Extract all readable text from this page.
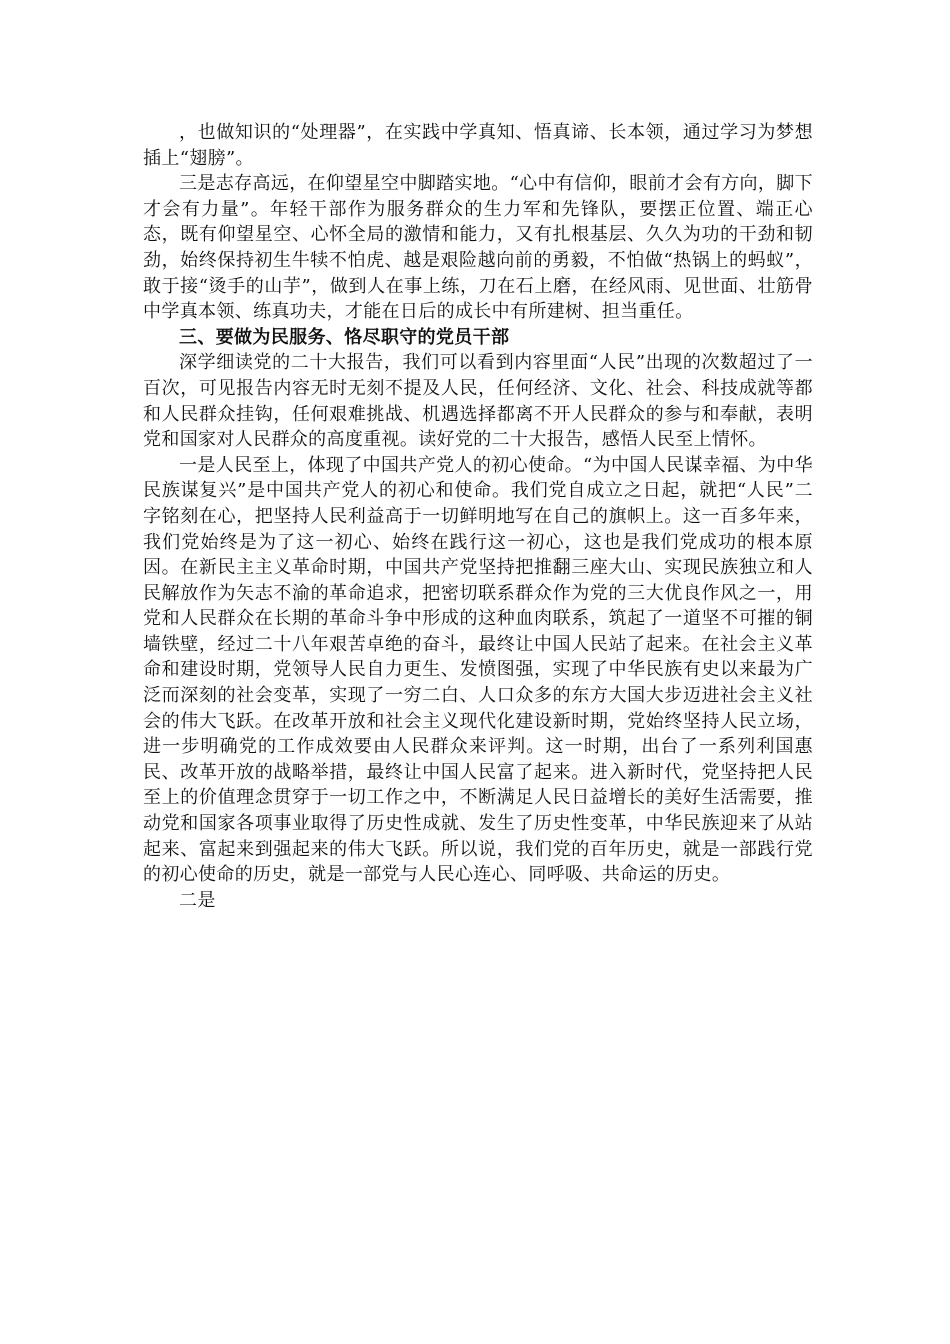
，也做知识的“处理器”，在实践中学真知、悟真谛、长本领，通过学习为梦想插上“翅膀”。

三是志存高远，在仰望星空中脚踏实地。“心中有信仰，眼前才会有方向，脚下才会有力量”。年轻干部作为服务群众的生力军和先锋队，要摆正位置、端正心态，既有仰望星空、心怀全局的激情和能力，又有扎根基层、久久为功的干劲和韧劲，始终保持初生牛犊不怕虎、越是艰险越向前的勇毅，不怕做“热锅上的蚂蚁”，敢于接“烫手的山芋”，做到人在事上练，刀在石上磨，在经风雨、见世面、壮筋骨中学真本领、练真功夫，才能在日后的成长中有所建树、担当重任。

三、要做为民服务、恪尽职守的党员干部

深学细读党的二十大报告，我们可以看到内容里面“人民”出现的次数超过了一百次，可见报告内容无时无刻不提及人民，任何经济、文化、社会、科技成就等都和人民群众挂钩，任何艰难挑战、机遇选择都离不开人民群众的参与和奉献，表明党和国家对人民群众的高度重视。读好党的二十大报告，感悟人民至上情怀。

一是人民至上，体现了中国共产党人的初心使命。“为中国人民谋幸福、为中华民族谋复兴”是中国共产党人的初心和使命。我们党自成立之日起，就把“人民”二字铭刻在心，把坚持人民利益高于一切鲜明地写在自己的旗帜上。这一百多年来，我们党始终是为了这一初心、始终在践行这一初心，这也是我们党成功的根本原因。在新民主主义革命时期，中国共产党坚持把推翻三座大山、实现民族独立和人民解放作为矢志不渝的革命追求，把密切联系群众作为党的三大优良作风之一，用党和人民群众在长期的革命斗争中形成的这种血肉联系，筑起了一道坚不可摧的铜墙铁壁，经过二十八年艰苦卓绝的奋斗，最终让中国人民站了起来。在社会主义革命和建设时期，党领导人民自力更生、发愤图强，实现了中华民族有史以来最为广泛而深刻的社会变革，实现了一穷二白、人口众多的东方大国大步迈进社会主义社会的伟大飞跃。在改革开放和社会主义现代化建设新时期，党始终坚持人民立场，进一步明确党的工作成效要由人民群众来评判。这一时期，出台了一系列利国惠民、改革开放的战略举措，最终让中国人民富了起来。进入新时代，党坚持把人民至上的价值理念贯穿于一切工作之中，不断满足人民日益增长的美好生活需要，推动党和国家各项事业取得了历史性成就、发生了历史性变革，中华民族迎来了从站起来、富起来到强起来的伟大飞跃。所以说，我们党的百年历史，就是一部践行党的初心使命的历史，就是一部党与人民心连心、同呼吸、共命运的历史。

二是
